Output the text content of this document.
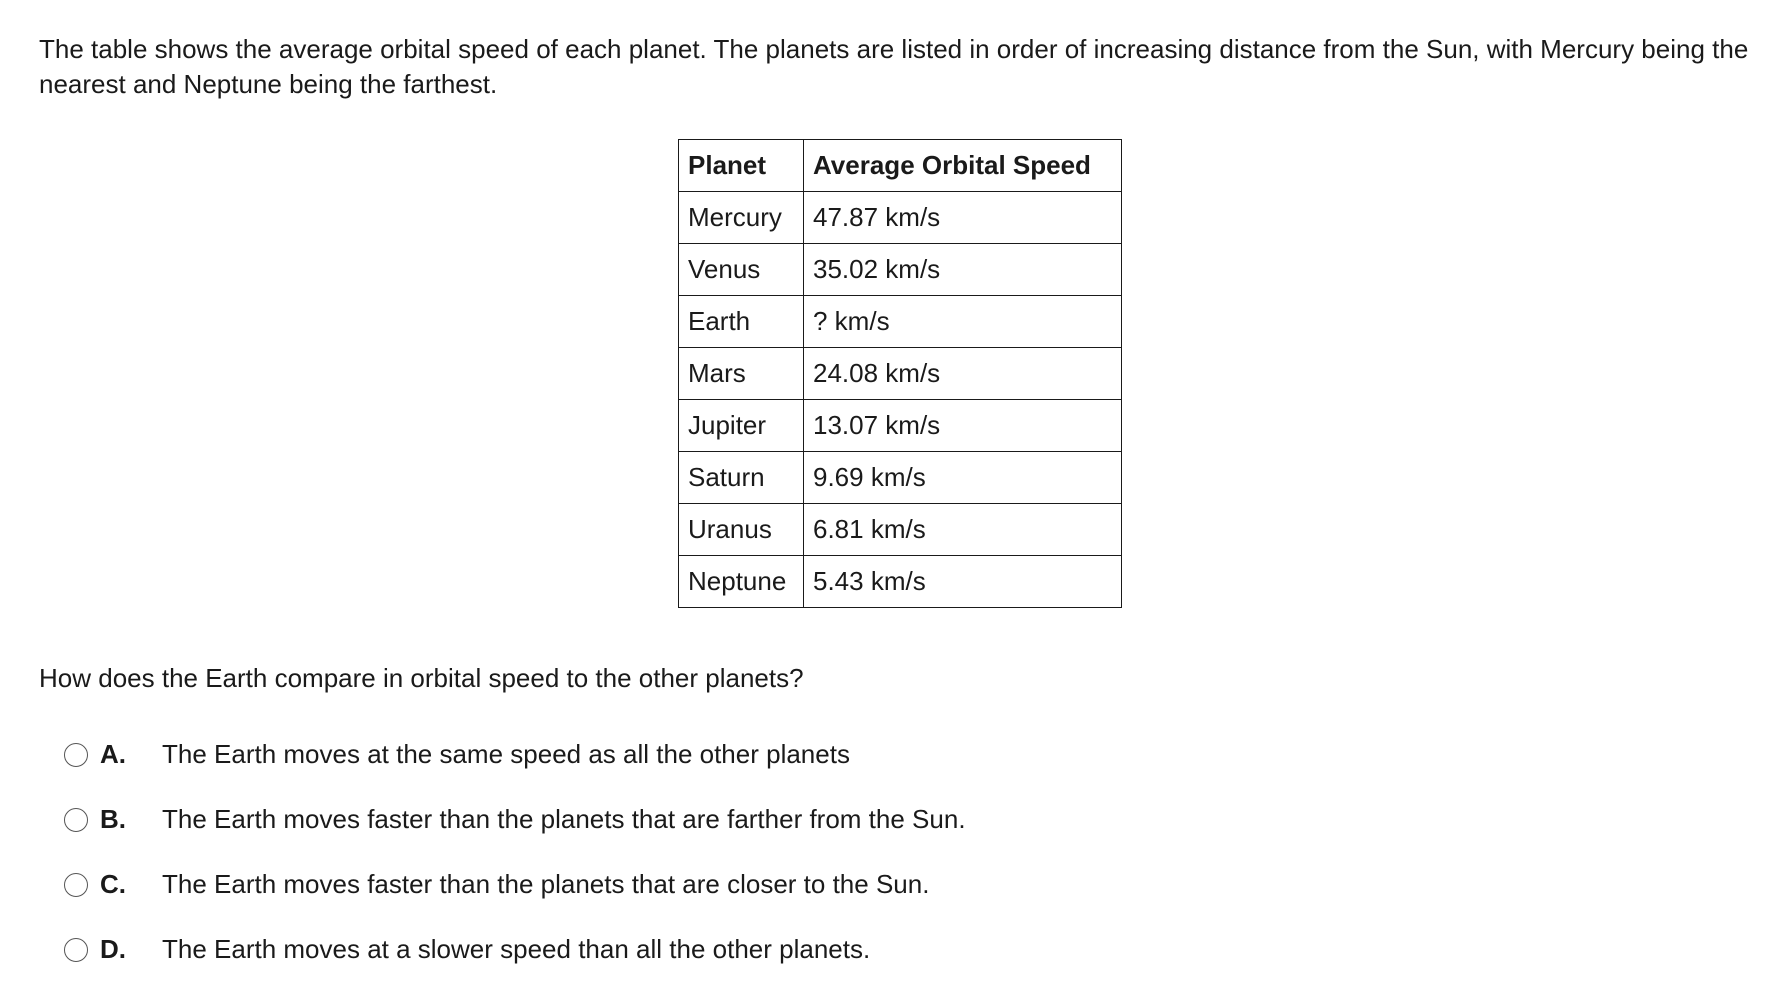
The table shows the average orbital speed of each planet. The planets are listed in order of increasing distance from the Sun, with Mercury being the nearest and Neptune being the farthest.

Planet	Average Orbital Speed
Mercury	47.87 km/s
Venus	35.02 km/s
Earth	? km/s
Mars	24.08 km/s
Jupiter	13.07 km/s
Saturn	9.69 km/s
Uranus	6.81 km/s
Neptune	5.43 km/s

How does the Earth compare in orbital speed to the other planets?

A.	The Earth moves at the same speed as all the other planets
B.	The Earth moves faster than the planets that are farther from the Sun.
C.	The Earth moves faster than the planets that are closer to the Sun.
D.	The Earth moves at a slower speed than all the other planets.
